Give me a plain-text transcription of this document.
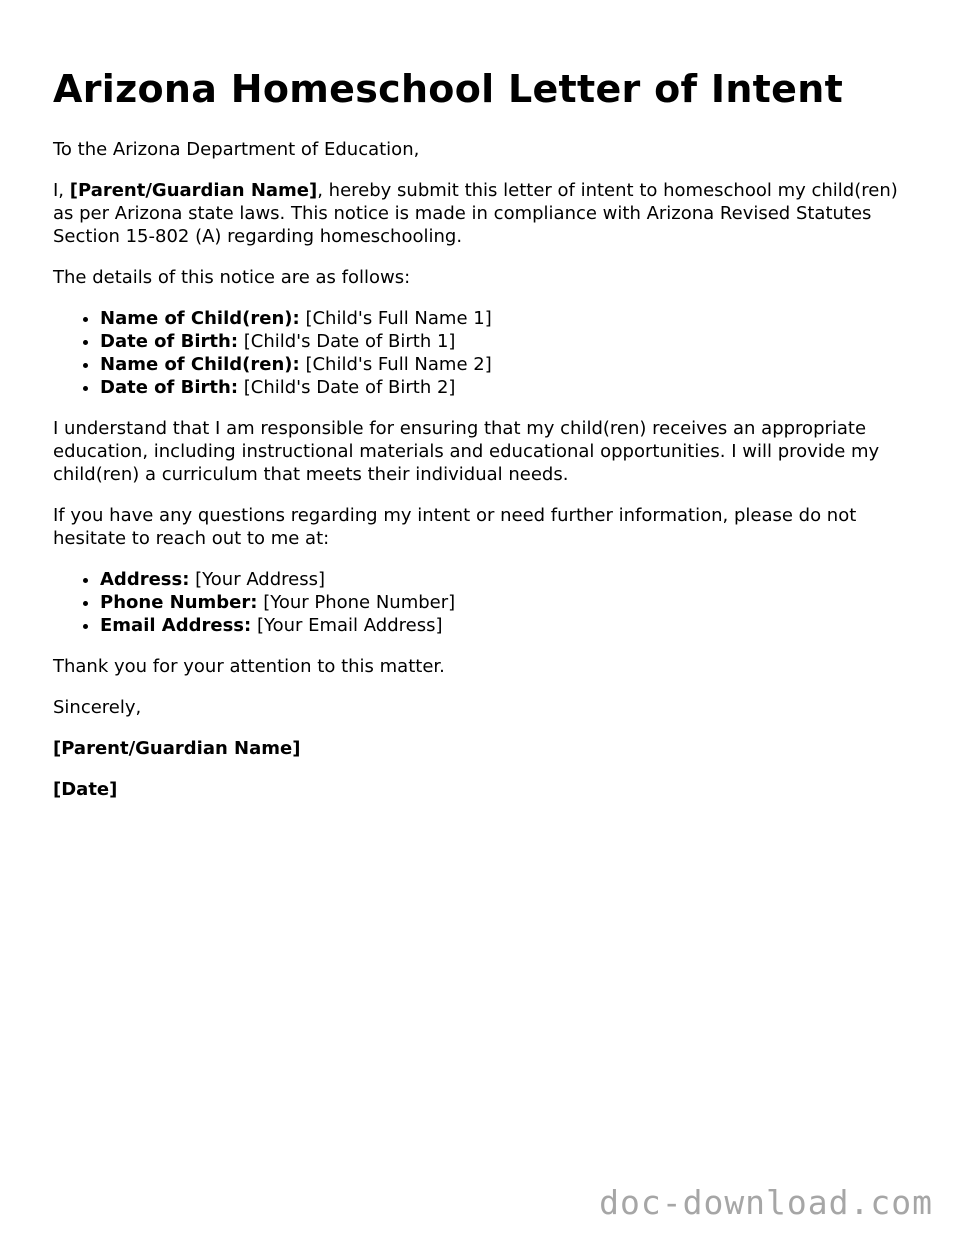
Arizona Homeschool Letter of Intent

To the Arizona Department of Education,

I, [Parent/Guardian Name], hereby submit this letter of intent to homeschool my child(ren) as per Arizona state laws. This notice is made in compliance with Arizona Revised Statutes Section 15-802 (A) regarding homeschooling.

The details of this notice are as follows:

• Name of Child(ren): [Child's Full Name 1]
• Date of Birth: [Child's Date of Birth 1]
• Name of Child(ren): [Child's Full Name 2]
• Date of Birth: [Child's Date of Birth 2]

I understand that I am responsible for ensuring that my child(ren) receives an appropriate education, including instructional materials and educational opportunities. I will provide my child(ren) a curriculum that meets their individual needs.

If you have any questions regarding my intent or need further information, please do not hesitate to reach out to me at:

• Address: [Your Address]
• Phone Number: [Your Phone Number]
• Email Address: [Your Email Address]

Thank you for your attention to this matter.

Sincerely,

[Parent/Guardian Name]

[Date]

doc-download.com
